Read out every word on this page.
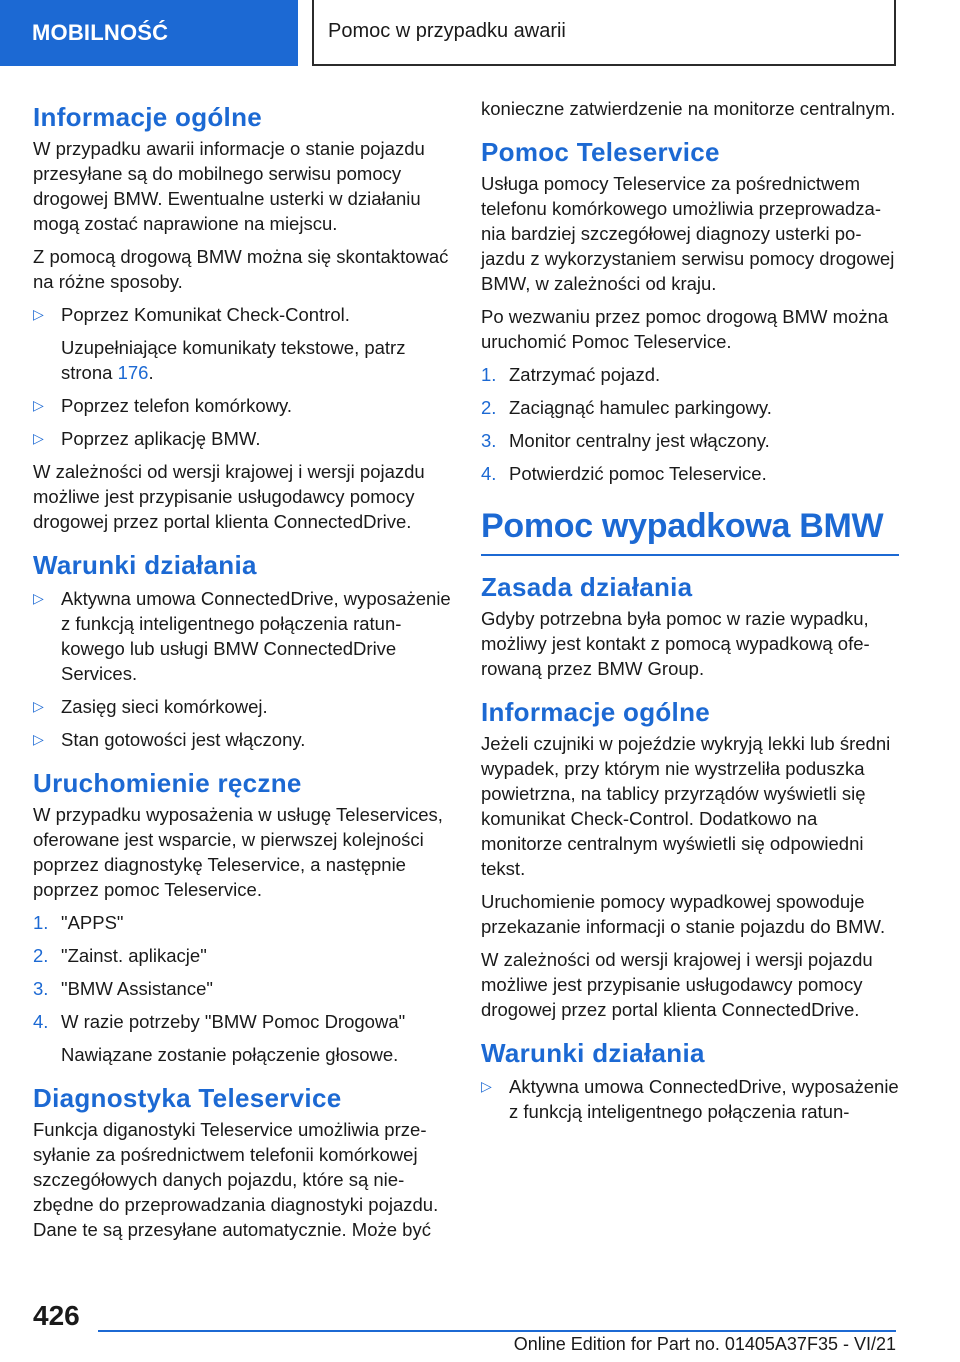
MOBILNOŚĆ	Pomoc w przypadku awarii
Informacje ogólne

W przypadku awarii informacje o stanie pojazdu przesyłane są do mobilnego serwisu pomocy drogowej BMW. Ewentualne usterki w działaniu mogą zostać naprawione na miejscu.

Z pomocą drogową BMW można się skontaktować na różne sposoby.

▷ Poprzez Komunikat Check-Control.
Uzupełniające komunikaty tekstowe, patrz strona 176.
▷ Poprzez telefon komórkowy.
▷ Poprzez aplikację BMW.

W zależności od wersji krajowej i wersji pojazdu możliwe jest przypisanie usługodawcy pomocy drogowej przez portal klienta ConnectedDrive.

Warunki działania
▷ Aktywna umowa ConnectedDrive, wyposażenie z funkcją inteligentnego połączenia ratunkowego lub usługi BMW ConnectedDrive Services.
▷ Zasięg sieci komórkowej.
▷ Stan gotowości jest włączony.
Uruchomienie ręczne

W przypadku wyposażenia w usługę Teleservices, oferowane jest wsparcie, w pierwszej kolejności poprzez diagnostykę Teleservice, a następnie poprzez pomoc Teleservice.

1. "APPS"
2. "Zainst. aplikacje"
3. "BMW Assistance"
4. W razie potrzeby "BMW Pomoc Drogowa"
Nawiązane zostanie połączenie głosowe.
Diagnostyka Teleservice

Funkcja diganostyki Teleservice umożliwia przesyłanie za pośrednictwem telefonii komórkowej szczegółowych danych pojazdu, które są niezbędne do przeprowadzania diagnostyki pojazdu. Dane te są przesyłane automatycznie. Może być

konieczne zatwierdzenie na monitorze centralnym.

Pomoc Teleservice

Usługa pomocy Teleservice za pośrednictwem telefonu komórkowego umożliwia przeprowadzania bardziej szczegółowej diagnozy usterki pojazdu z wykorzystaniem serwisu pomocy drogowej BMW, w zależności od kraju.

Po wezwaniu przez pomoc drogową BMW można uruchomić Pomoc Teleservice.

1. Zatrzymać pojazd.
2. Zaciągnąć hamulec parkingowy.
3. Monitor centralny jest włączony.
4. Potwierdzić pomoc Teleservice.
Pomoc wypadkowa BMW
Zasada działania

Gdyby potrzebna była pomoc w razie wypadku, możliwy jest kontakt z pomocą wypadkową oferowaną przez BMW Group.

Informacje ogólne

Jeżeli czujniki w pojeździe wykryją lekki lub średni wypadek, przy którym nie wystrzeliła poduszka powietrzna, na tablicy przyrządów wyświetli się komunikat Check-Control. Dodatkowo na monitorze centralnym wyświetli się odpowiedni tekst.

Uruchomienie pomocy wypadkowej spowoduje przekazanie informacji o stanie pojazdu do BMW.

W zależności od wersji krajowej i wersji pojazdu możliwe jest przypisanie usługodawcy pomocy drogowej przez portal klienta ConnectedDrive.

Warunki działania
▷ Aktywna umowa ConnectedDrive, wyposażenie z funkcją inteligentnego połączenia ratun-
426
Online Edition for Part no. 01405A37F35 - VI/21
